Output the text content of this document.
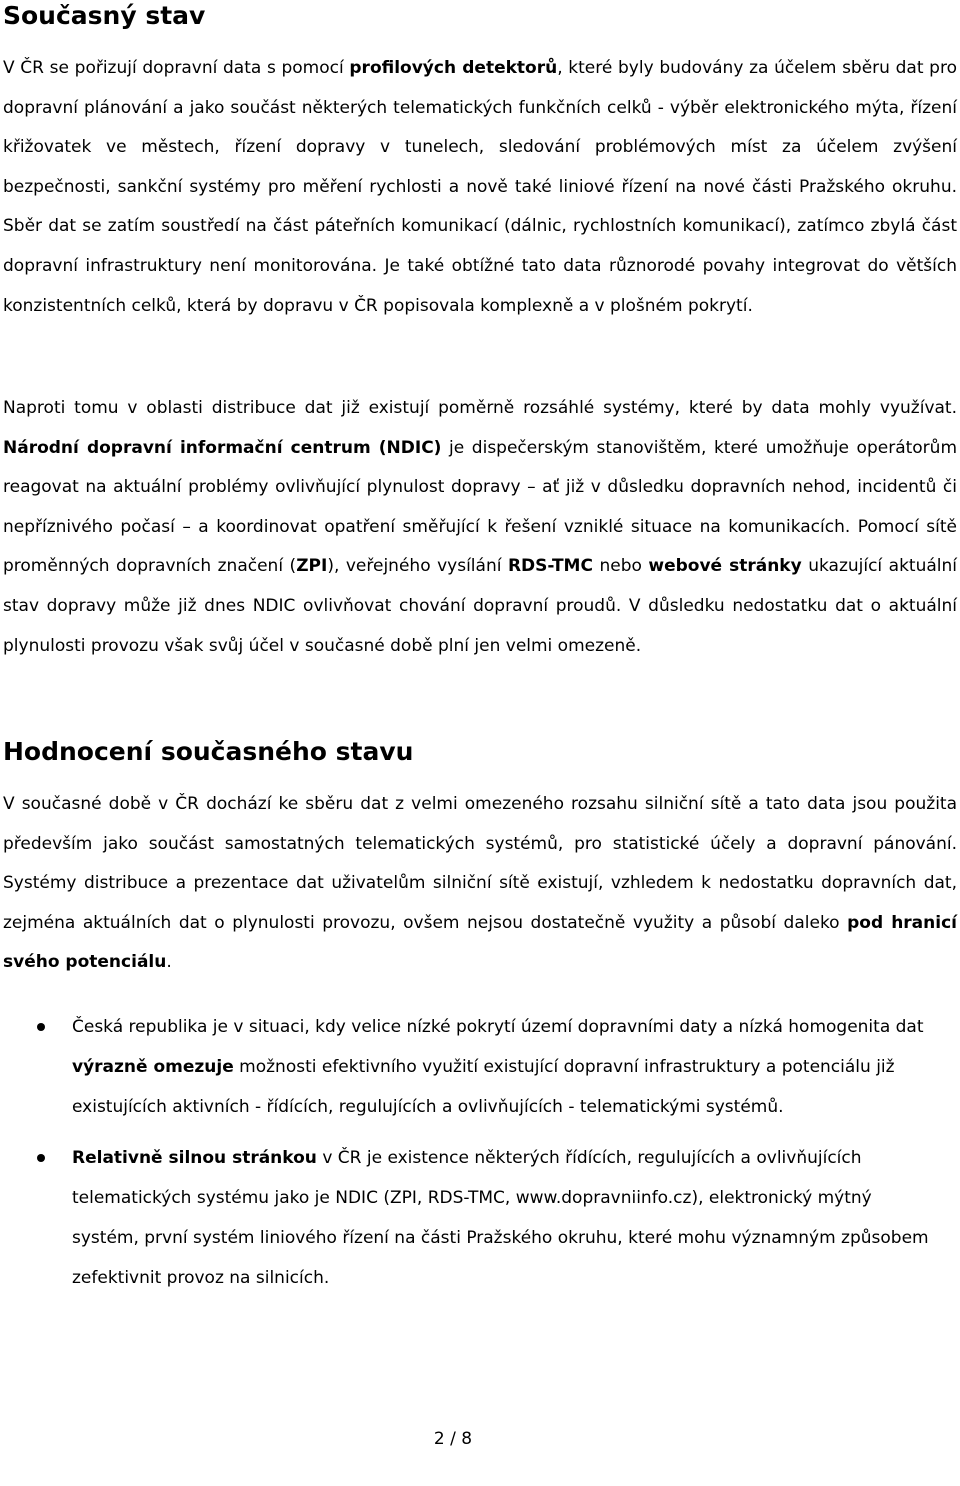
Současný stav

V ČR se pořizují dopravní data s pomocí profilových detektorů, které byly budovány za účelem sběru dat pro dopravní plánování a jako součást některých telematických funkčních celků - výběr elektronického mýta, řízení křižovatek ve městech, řízení dopravy v tunelech, sledování problémových míst za účelem zvýšení bezpečnosti, sankční systémy pro měření rychlosti a nově také liniové řízení na nové části Pražského okruhu. Sběr dat se zatím soustředí na část páteřních komunikací (dálnic, rychlostních komunikací), zatímco zbylá část dopravní infrastruktury není monitorována. Je také obtížné tato data různorodé povahy integrovat do větších konzistentních celků, která by dopravu v ČR popisovala komplexně a v plošném pokrytí.

Naproti tomu v oblasti distribuce dat již existují poměrně rozsáhlé systémy, které by data mohly využívat. Národní dopravní informační centrum (NDIC) je dispečerským stanovištěm, které umožňuje operátorům reagovat na aktuální problémy ovlivňující plynulost dopravy – ať již v důsledku dopravních nehod, incidentů či nepříznivého počasí – a koordinovat opatření směřující k řešení vzniklé situace na komunikacích. Pomocí sítě proměnných dopravních značení (ZPI), veřejného vysílání RDS-TMC nebo webové stránky ukazující aktuální stav dopravy může již dnes NDIC ovlivňovat chování dopravní proudů. V důsledku nedostatku dat o aktuální plynulosti provozu však svůj účel v současné době plní jen velmi omezeně.

Hodnocení současného stavu

V současné době v ČR dochází ke sběru dat z velmi omezeného rozsahu silniční sítě a tato data jsou použita především jako součást samostatných telematických systémů, pro statistické účely a dopravní pánování. Systémy distribuce a prezentace dat uživatelům silniční sítě existují, vzhledem k nedostatku dopravních dat, zejména aktuálních dat o plynulosti provozu, ovšem nejsou dostatečně využity a působí daleko pod hranicí svého potenciálu.

Česká republika je v situaci, kdy velice nízké pokrytí území dopravními daty a nízká homogenita dat výrazně omezuje možnosti efektivního využití existující dopravní infrastruktury a potenciálu již existujících aktivních - řídících, regulujících a ovlivňujících - telematickými systémů.
Relativně silnou stránkou v ČR je existence některých řídících, regulujících a ovlivňujících telematických systému jako je NDIC (ZPI, RDS-TMC, www.dopravniinfo.cz), elektronický mýtný systém, první systém liniového řízení na části Pražského okruhu, které mohu významným způsobem zefektivnit provoz na silnicích.
2 / 8
